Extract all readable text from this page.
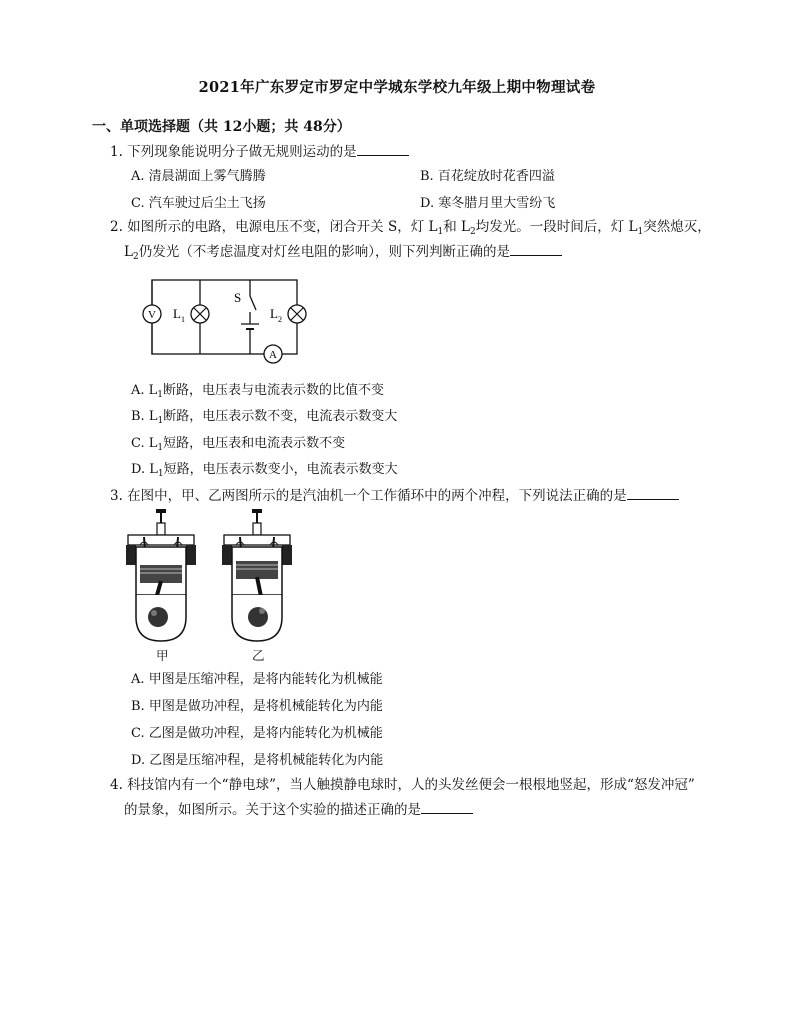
2021年广东罗定市罗定中学城东学校九年级上期中物理试卷
一、单项选择题（共 12小题；共 48分）
1. 下列现象能说明分子做无规则运动的是
A. 清晨湖面上雾气腾腾	B. 百花绽放时花香四溢
C. 汽车驶过后尘土飞扬	D. 寒冬腊月里大雪纷飞
2. 如图所示的电路，电源电压不变，闭合开关 S，灯 $L_1$和 $L_2$均发光。一段时间后，灯 $L_1$突然熄灭，
$L_2$仍发光（不考虑温度对灯丝电阻的影响），则下列判断正确的是
V L 1	L 2
S
A
A. $L_1$断路，电压表与电流表示数的比值不变
B. $L_1$断路，电压表示数不变，电流表示数变大
C. $L_1$短路，电压表和电流表示数不变
D. $L_1$短路，电压表示数变小，电流表示数变大
3. 在图中，甲、乙两图所示的是汽油机一个工作循环中的两个冲程，下列说法正确的是
甲	乙
A. 甲图是压缩冲程，是将内能转化为机械能
B. 甲图是做功冲程，是将机械能转化为内能
C. 乙图是做功冲程，是将内能转化为机械能
D. 乙图是压缩冲程，是将机械能转化为内能
4. 科技馆内有一个“静电球”，当人触摸静电球时，人的头发丝便会一根根地竖起，形成“怒发冲冠”
的景象，如图所示。关于这个实验的描述正确的是
